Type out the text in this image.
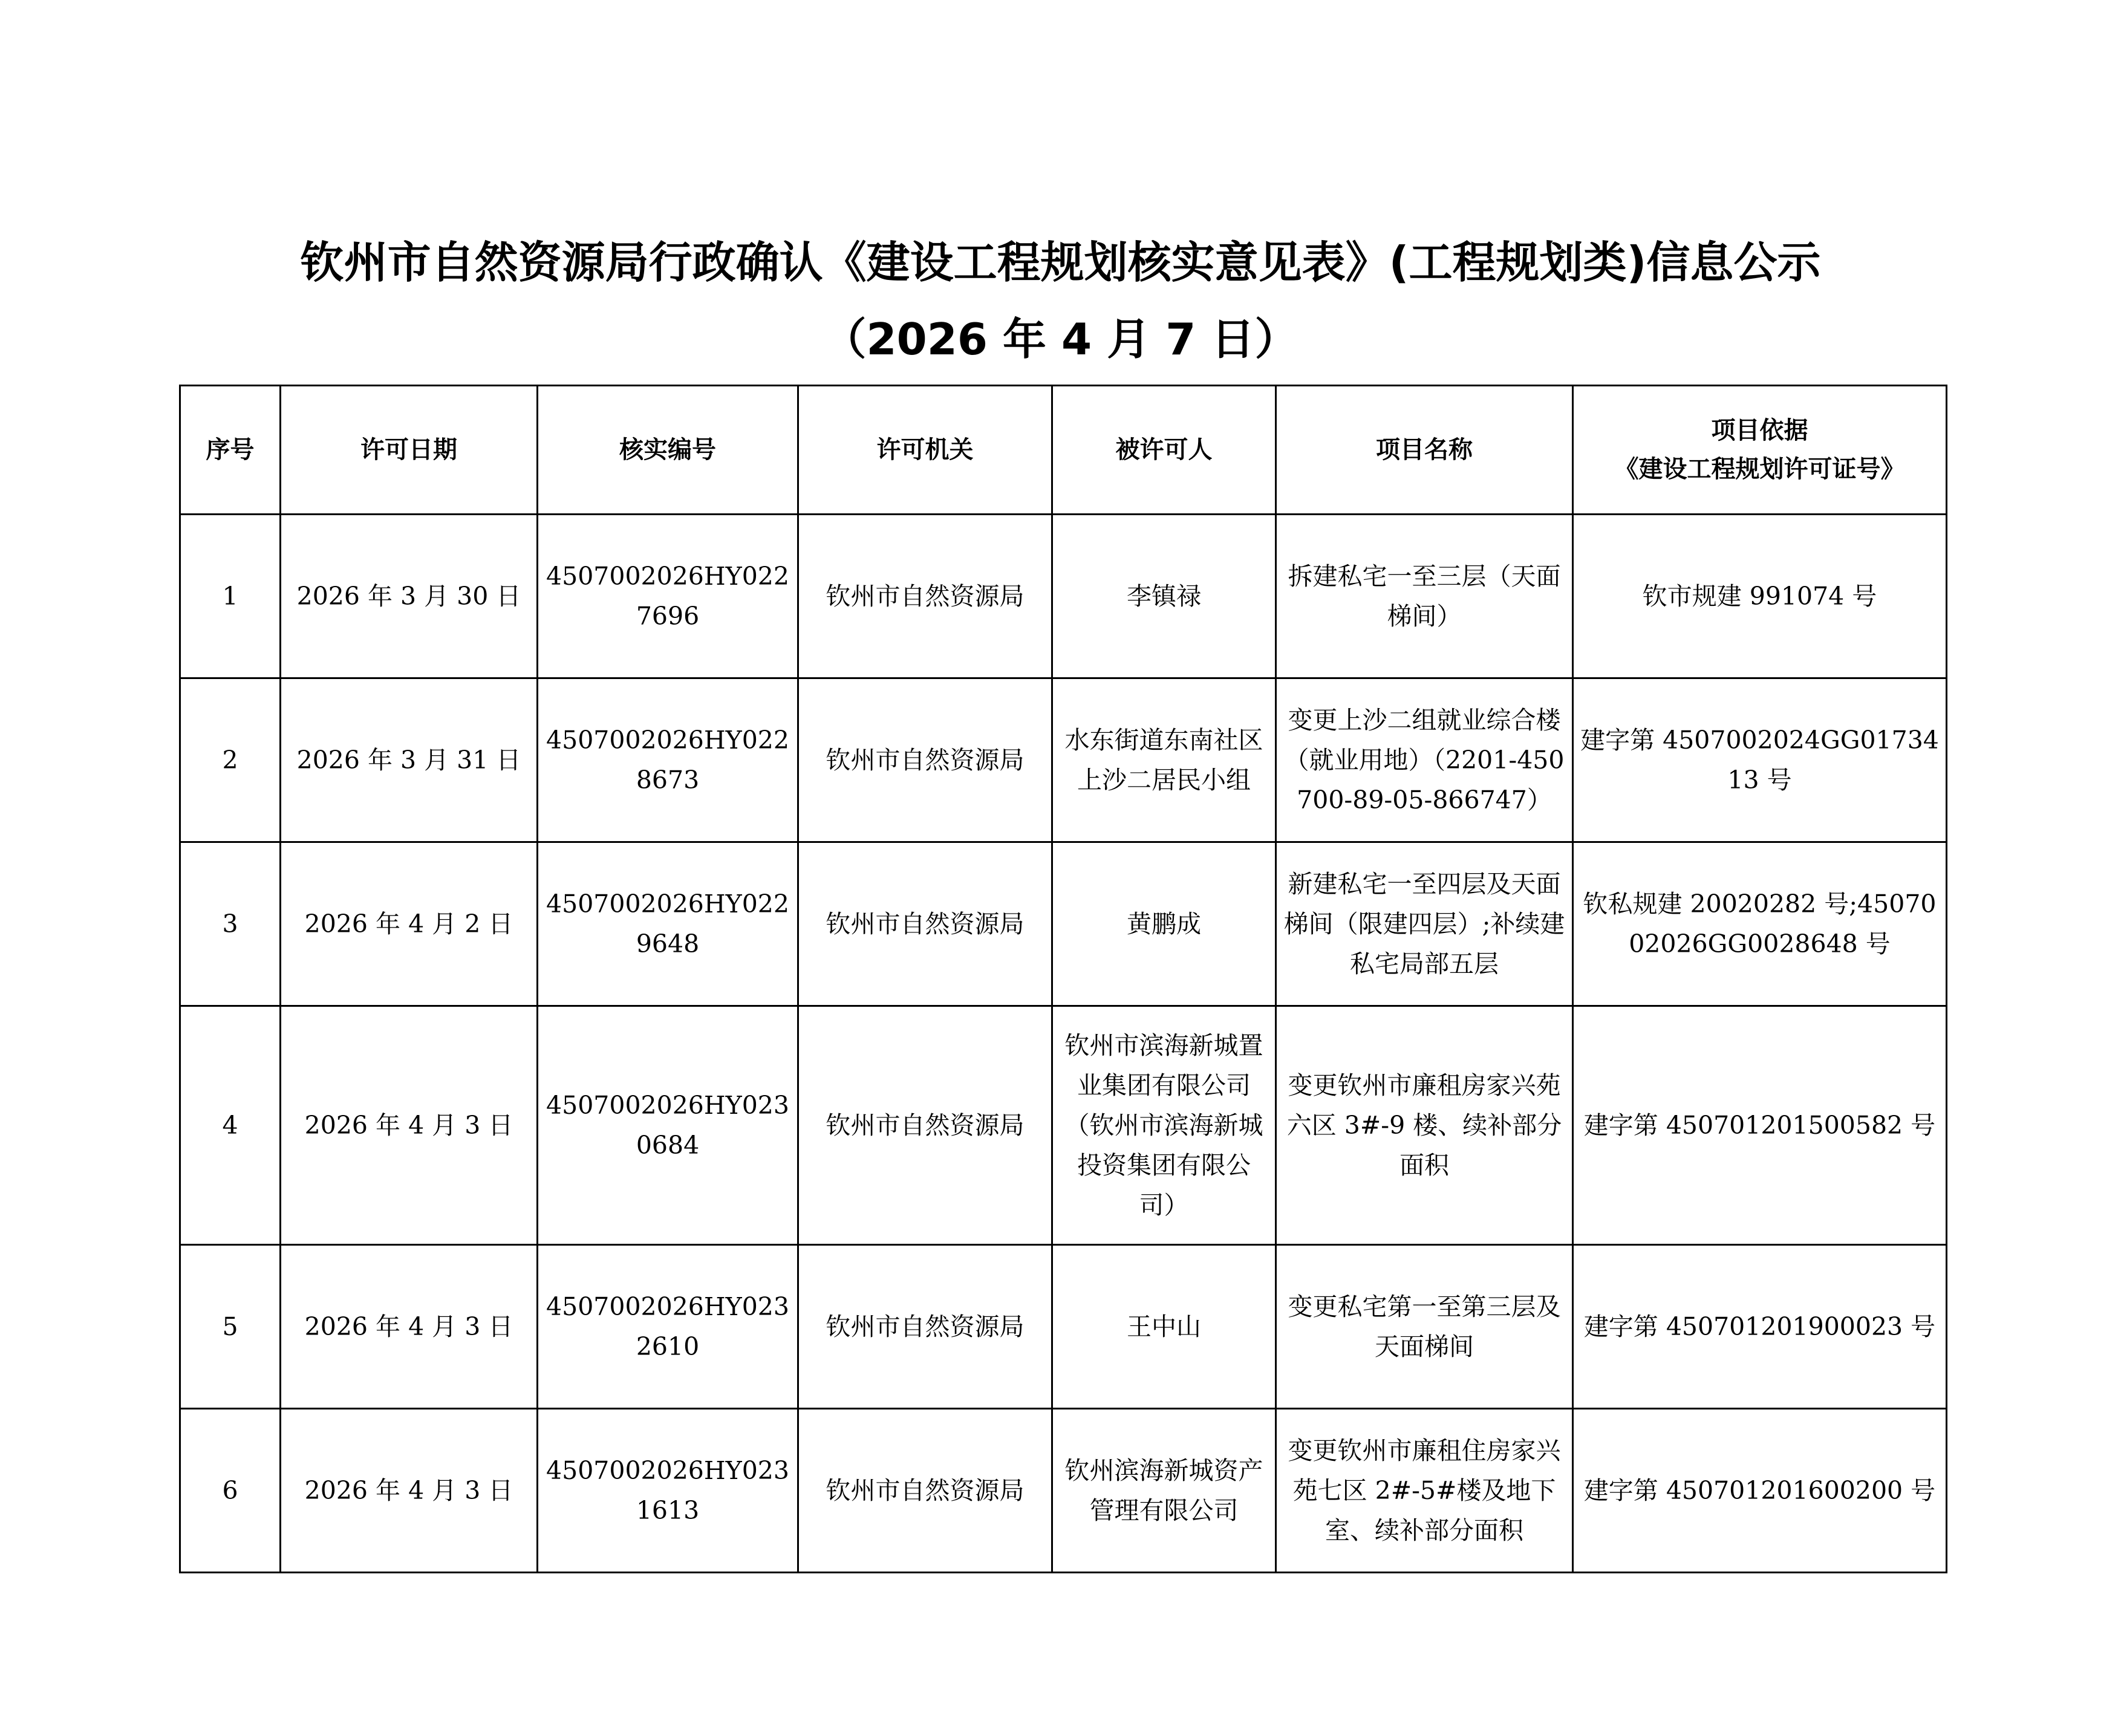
钦州市自然资源局行政确认《建设工程规划核实意见表》(工程规划类)信息公示
（2026 年 4 月 7 日）
序号	许可日期	核实编号	许可机关	被许可人	项目名称	项目依据
《建设工程规划许可证号》

1	2026 年 3 月 30 日	4507002026HY0227696	钦州市自然资源局	李镇禄	拆建私宅一至三层（天面梯间）	钦市规建 991074 号
2	2026 年 3 月 31 日	4507002026HY0228673	钦州市自然资源局	水东街道东南社区上沙二居民小组	变更上沙二组就业综合楼（就业用地）（2201-450700-89-05-866747）	建字第 4507002024GG0173413 号
3	2026 年 4 月 2 日	4507002026HY0229648	钦州市自然资源局	黄鹏成	新建私宅一至四层及天面梯间（限建四层）;补续建私宅局部五层	钦私规建 20020282 号;4507002026GG0028648 号
4	2026 年 4 月 3 日	4507002026HY0230684	钦州市自然资源局	钦州市滨海新城置业集团有限公司（钦州市滨海新城投资集团有限公司）	变更钦州市廉租房家兴苑六区 3#-9 楼、续补部分面积	建字第 450701201500582 号
5	2026 年 4 月 3 日	4507002026HY0232610	钦州市自然资源局	王中山	变更私宅第一至第三层及天面梯间	建字第 450701201900023 号
6	2026 年 4 月 3 日	4507002026HY0231613	钦州市自然资源局	钦州滨海新城资产管理有限公司	变更钦州市廉租住房家兴苑七区 2#-5#楼及地下室、续补部分面积	建字第 450701201600200 号
